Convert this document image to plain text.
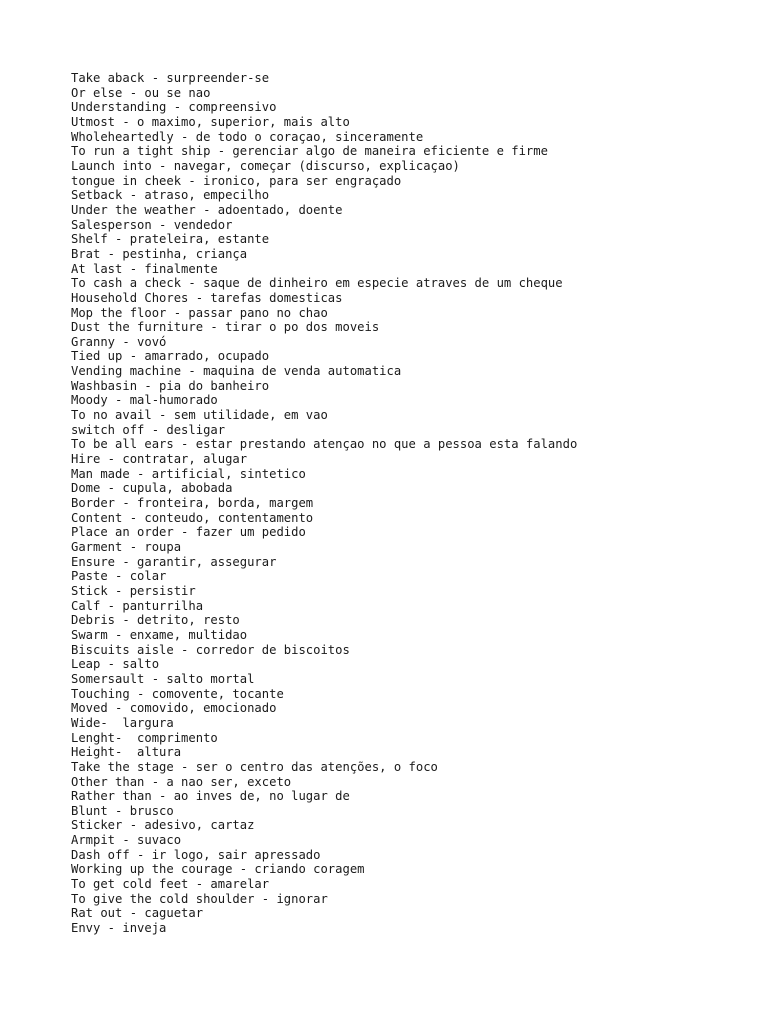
Take aback - surpreender-se

Or else - ou se nao

Understanding - compreensivo

Utmost - o maximo, superior, mais alto

Wholeheartedly - de todo o coraçao, sinceramente

To run a tight ship - gerenciar algo de maneira eficiente e firme

Launch into - navegar, começar (discurso, explicaçao)

tongue in cheek - ironico, para ser engraçado

Setback - atraso, empecilho

Under the weather - adoentado, doente

Salesperson - vendedor

Shelf - prateleira, estante

Brat - pestinha, criança

At last - finalmente

To cash a check - saque de dinheiro em especie atraves de um cheque

Household Chores - tarefas domesticas

Mop the floor - passar pano no chao

Dust the furniture - tirar o po dos moveis

Granny - vovó

Tied up - amarrado, ocupado

Vending machine - maquina de venda automatica

Washbasin - pia do banheiro

Moody - mal-humorado

To no avail - sem utilidade, em vao

switch off - desligar

To be all ears - estar prestando atençao no que a pessoa esta falando

Hire - contratar, alugar

Man made - artificial, sintetico

Dome - cupula, abobada

Border - fronteira, borda, margem

Content - conteudo, contentamento

Place an order - fazer um pedido

Garment - roupa

Ensure - garantir, assegurar

Paste - colar

Stick - persistir

Calf - panturrilha

Debris - detrito, resto

Swarm - enxame, multidao

Biscuits aisle - corredor de biscoitos

Leap - salto

Somersault - salto mortal

Touching - comovente, tocante

Moved - comovido, emocionado

Wide-  largura

Lenght-  comprimento

Height-  altura

Take the stage - ser o centro das atenções, o foco

Other than - a nao ser, exceto

Rather than - ao inves de, no lugar de

Blunt - brusco

Sticker - adesivo, cartaz

Armpit - suvaco

Dash off - ir logo, sair apressado

Working up the courage - criando coragem

To get cold feet - amarelar

To give the cold shoulder - ignorar

Rat out - caguetar

Envy - inveja
